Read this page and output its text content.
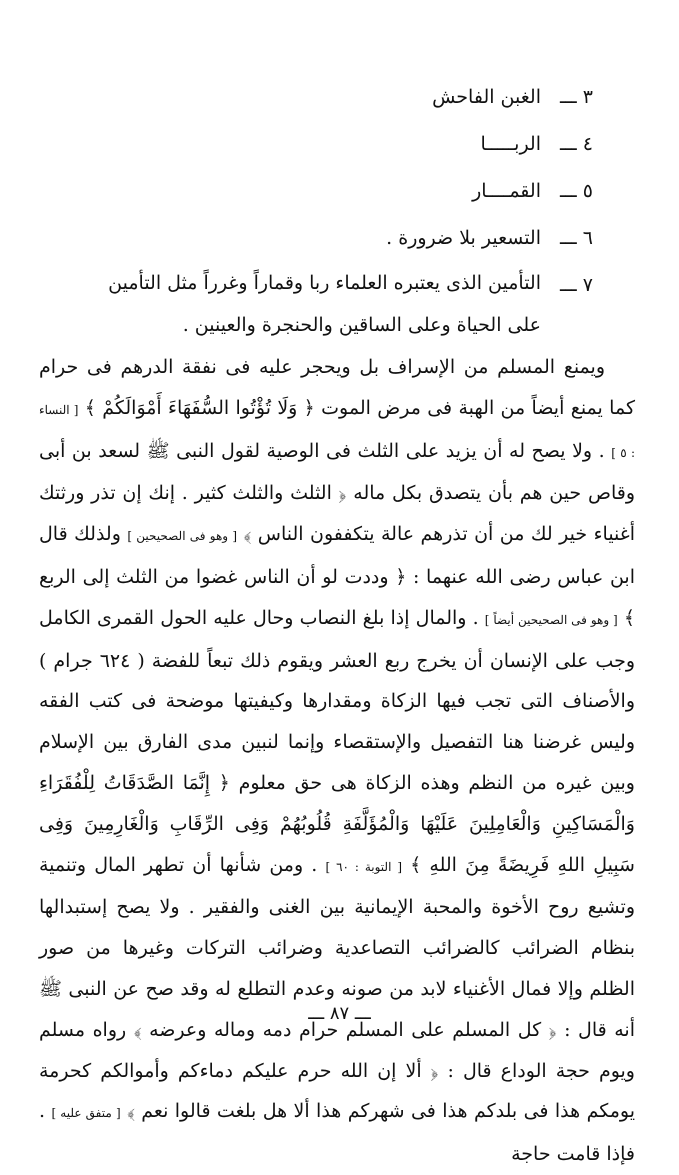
٣ ـــ
الغبن الفاحش
٤ ـــ
الربـــــا
٥ ـــ
القمــــار
٦ ـــ
التسعير بلا ضرورة .
٧ ـــ
التأمين الذى يعتبره العلماء ربا وقماراً وغرراً مثل التأمين على الحياة وعلى الساقين والحنجرة والعينين .
ويمنع المسلم من الإسراف بل ويحجر عليه فى نفقة الدرهم فى حرام كما يمنع أيضاً من الهبة فى مرض الموت ﴿ وَلَا تُؤْتُوا السُّفَهَاءَ أَمْوَالَكُمْ ﴾ [ النساء : ٥ ] . ولا يصح له أن يزيد على الثلث فى الوصية لقول النبى ﷺ لسعد بن أبى وقاص حين هم بأن يتصدق بكل ماله ﴿ الثلث والثلث كثير . إنك إن تذر ورثتك أغنياء خير لك من أن تذرهم عالة يتكففون الناس ﴾ [ وهو فى الصحيحين ] ولذلك قال ابن عباس رضى الله عنهما : ﴿ وددت لو أن الناس غضوا من الثلث إلى الربع ﴾ [ وهو فى الصحيحين أيضاً ] . والمال إذا بلغ النصاب وحال عليه الحول القمرى الكامل وجب على الإنسان أن يخرج ربع العشر ويقوم ذلك تبعاً للفضة ( ٦٢٤ جرام ) والأصناف التى تجب فيها الزكاة ومقدارها وكيفيتها موضحة فى كتب الفقه وليس غرضنا هنا التفصيل والإستقصاء وإنما لنبين مدى الفارق بين الإسلام وبين غيره من النظم وهذه الزكاة هى حق معلوم ﴿ إِنَّمَا الصَّدَقَاتُ لِلْفُقَرَاءِ وَالْمَسَاكِينِ وَالْعَامِلِينَ عَلَيْهَا وَالْمُؤَلَّفَةِ قُلُوبُهُمْ وَفِى الرِّقَابِ وَالْغَارِمِينَ وَفِى سَبِيلِ اللهِ فَرِيضَةً مِنَ اللهِ ﴾ [ التوبة : ٦٠ ] . ومن شأنها أن تطهر المال وتنمية وتشيع روح الأخوة والمحبة الإيمانية بين الغنى والفقير . ولا يصح إستبدالها بنظام الضرائب كالضرائب التصاعدية وضرائب التركات وغيرها من صور الظلم وإلا فمال الأغنياء لابد من صونه وعدم التطلع له وقد صح عن النبى ﷺ أنه قال : ﴿ كل المسلم على المسلم حرام دمه وماله وعرضه ﴾ رواه مسلم ويوم حجة الوداع قال : ﴿ ألا إن الله حرم عليكم دماءكم وأموالكم كحرمة يومكم هذا فى بلدكم هذا فى شهركم هذا ألا هل بلغت قالوا نعم ﴾ [ متفق عليه ] . فإذا قامت حاجة
ـــ ٨٧ ـــ
